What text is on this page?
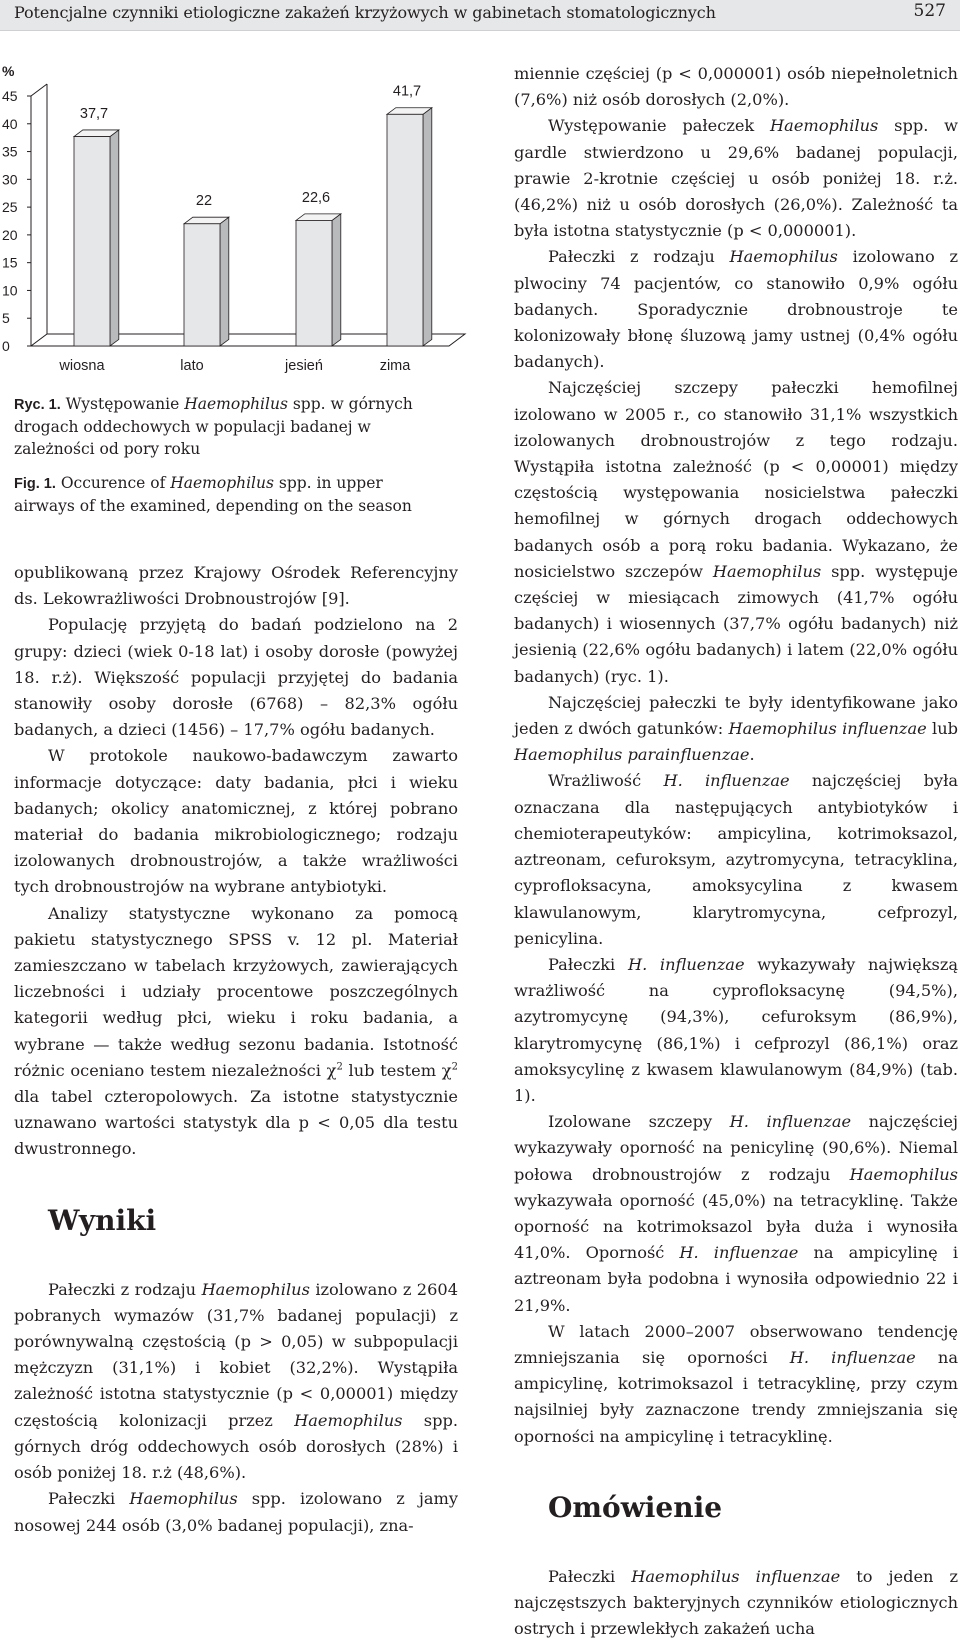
Potencjalne czynniki etiologiczne zakażeń krzyżowych w gabinetach stomatologicznych	527
45
40
35
30
25
20
15
10
5
0
%
37,7
wiosna
22
lato
22,6
jesień
41,7
zima

Ryc. 1. Występowanie Haemophilus spp. w górnych drogach oddechowych w populacji badanej w zależności od pory roku

Fig. 1. Occurence of Haemophilus spp. in upper airways of the examined, depending on the season

opublikowaną przez Krajowy Ośrodek Referencyjny ds. Lekowrażliwości Drobnoustrojów [9].

Populację przyjętą do badań podzielono na 2 grupy: dzieci (wiek 0-18 lat) i osoby dorosłe (powyżej 18. r.ż). Większość populacji przyjętej do badania stanowiły osoby dorosłe (6768) – 82,3% ogółu badanych, a dzieci (1456) – 17,7% ogółu badanych.

W protokole naukowo-badawczym zawarto informacje dotyczące: daty badania, płci i wieku badanych; okolicy anatomicznej, z której pobrano materiał do badania mikrobiologicznego; rodzaju izolowanych drobnoustrojów, a także wrażliwości tych drobnoustrojów na wybrane antybiotyki.

Analizy statystyczne wykonano za pomocą pakietu statystycznego SPSS v. 12 pl. Materiał zamieszczano w tabelach krzyżowych, zawierających liczebności i udziały procentowe poszczególnych kategorii według płci, wieku i roku badania, a wybrane — także według sezonu badania. Istotność różnic oceniano testem niezależności $\chi^2$ lub testem $\chi^2$ dla tabel czteropolowych. Za istotne statystycznie uznawano wartości statystyk dla p < 0,05 dla testu dwustronnego.

Wyniki

Pałeczki z rodzaju Haemophilus izolowano z 2604 pobranych wymazów (31,7% badanej populacji) z porównywalną częstością (p > 0,05) w subpopulacji mężczyzn (31,1%) i kobiet (32,2%). Wystąpiła zależność istotna statystycznie (p < 0,00001) między częstością kolonizacji przez Haemophilus spp. górnych dróg oddechowych osób dorosłych (28%) i osób poniżej 18. r.ż (48,6%).

Pałeczki Haemophilus spp. izolowano z jamy nosowej 244 osób (3,0% badanej populacji), zna-

miennie częściej (p < 0,000001) osób niepełnoletnich (7,6%) niż osób dorosłych (2,0%).

Występowanie pałeczek Haemophilus spp. w gardle stwierdzono u 29,6% badanej populacji, prawie 2-krotnie częściej u osób poniżej 18. r.ż. (46,2%) niż u osób dorosłych (26,0%). Zależność ta była istotna statystycznie (p < 0,000001).

Pałeczki z rodzaju Haemophilus izolowano z plwociny 74 pacjentów, co stanowiło 0,9% ogółu badanych. Sporadycznie drobnoustroje te kolonizowały błonę śluzową jamy ustnej (0,4% ogółu badanych).

Najczęściej szczepy pałeczki hemofilnej izolowano w 2005 r., co stanowiło 31,1% wszystkich izolowanych drobnoustrojów z tego rodzaju. Wystąpiła istotna zależność (p < 0,00001) między częstością występowania nosicielstwa pałeczki hemofilnej w górnych drogach oddechowych badanych osób a porą roku badania. Wykazano, że nosicielstwo szczepów Haemophilus spp. występuje częściej w miesiącach zimowych (41,7% ogółu badanych) i wiosennych (37,7% ogółu badanych) niż jesienią (22,6% ogółu badanych) i latem (22,0% ogółu badanych) (ryc. 1).

Najczęściej pałeczki te były identyfikowane jako jeden z dwóch gatunków: Haemophilus influenzae lub Haemophilus parainfluenzae.

Wrażliwość H. influenzae najczęściej była oznaczana dla następujących antybiotyków i chemioterapeutyków: ampicylina, kotrimoksazol, aztreonam, cefuroksym, azytromycyna, tetracyklina, cyprofloksacyna, amoksycylina z kwasem klawulanowym, klarytromycyna, cefprozyl, penicylina.

Pałeczki H. influenzae wykazywały największą wrażliwość na cyprofloksacynę (94,5%), azytromycynę (94,3%), cefuroksym (86,9%), klarytromycynę (86,1%) i cefprozyl (86,1%) oraz amoksycylinę z kwasem klawulanowym (84,9%) (tab. 1).

Izolowane szczepy H. influenzae najczęściej wykazywały oporność na penicylinę (90,6%). Niemal połowa drobnoustrojów z rodzaju Haemophilus wykazywała oporność (45,0%) na tetracyklinę. Także oporność na kotrimoksazol była duża i wynosiła 41,0%. Oporność H. influenzae na ampicylinę i aztreonam była podobna i wynosiła odpowiednio 22 i 21,9%.

W latach 2000–2007 obserwowano tendencję zmniejszania się oporności H. influenzae na ampicylinę, kotrimoksazol i tetracyklinę, przy czym najsilniej były zaznaczone trendy zmniejszania się oporności na ampicylinę i tetracyklinę.

Omówienie

Pałeczki Haemophilus influenzae to jeden z najczęstszych bakteryjnych czynników etiologicznych ostrych i przewlekłych zakażeń ucha
